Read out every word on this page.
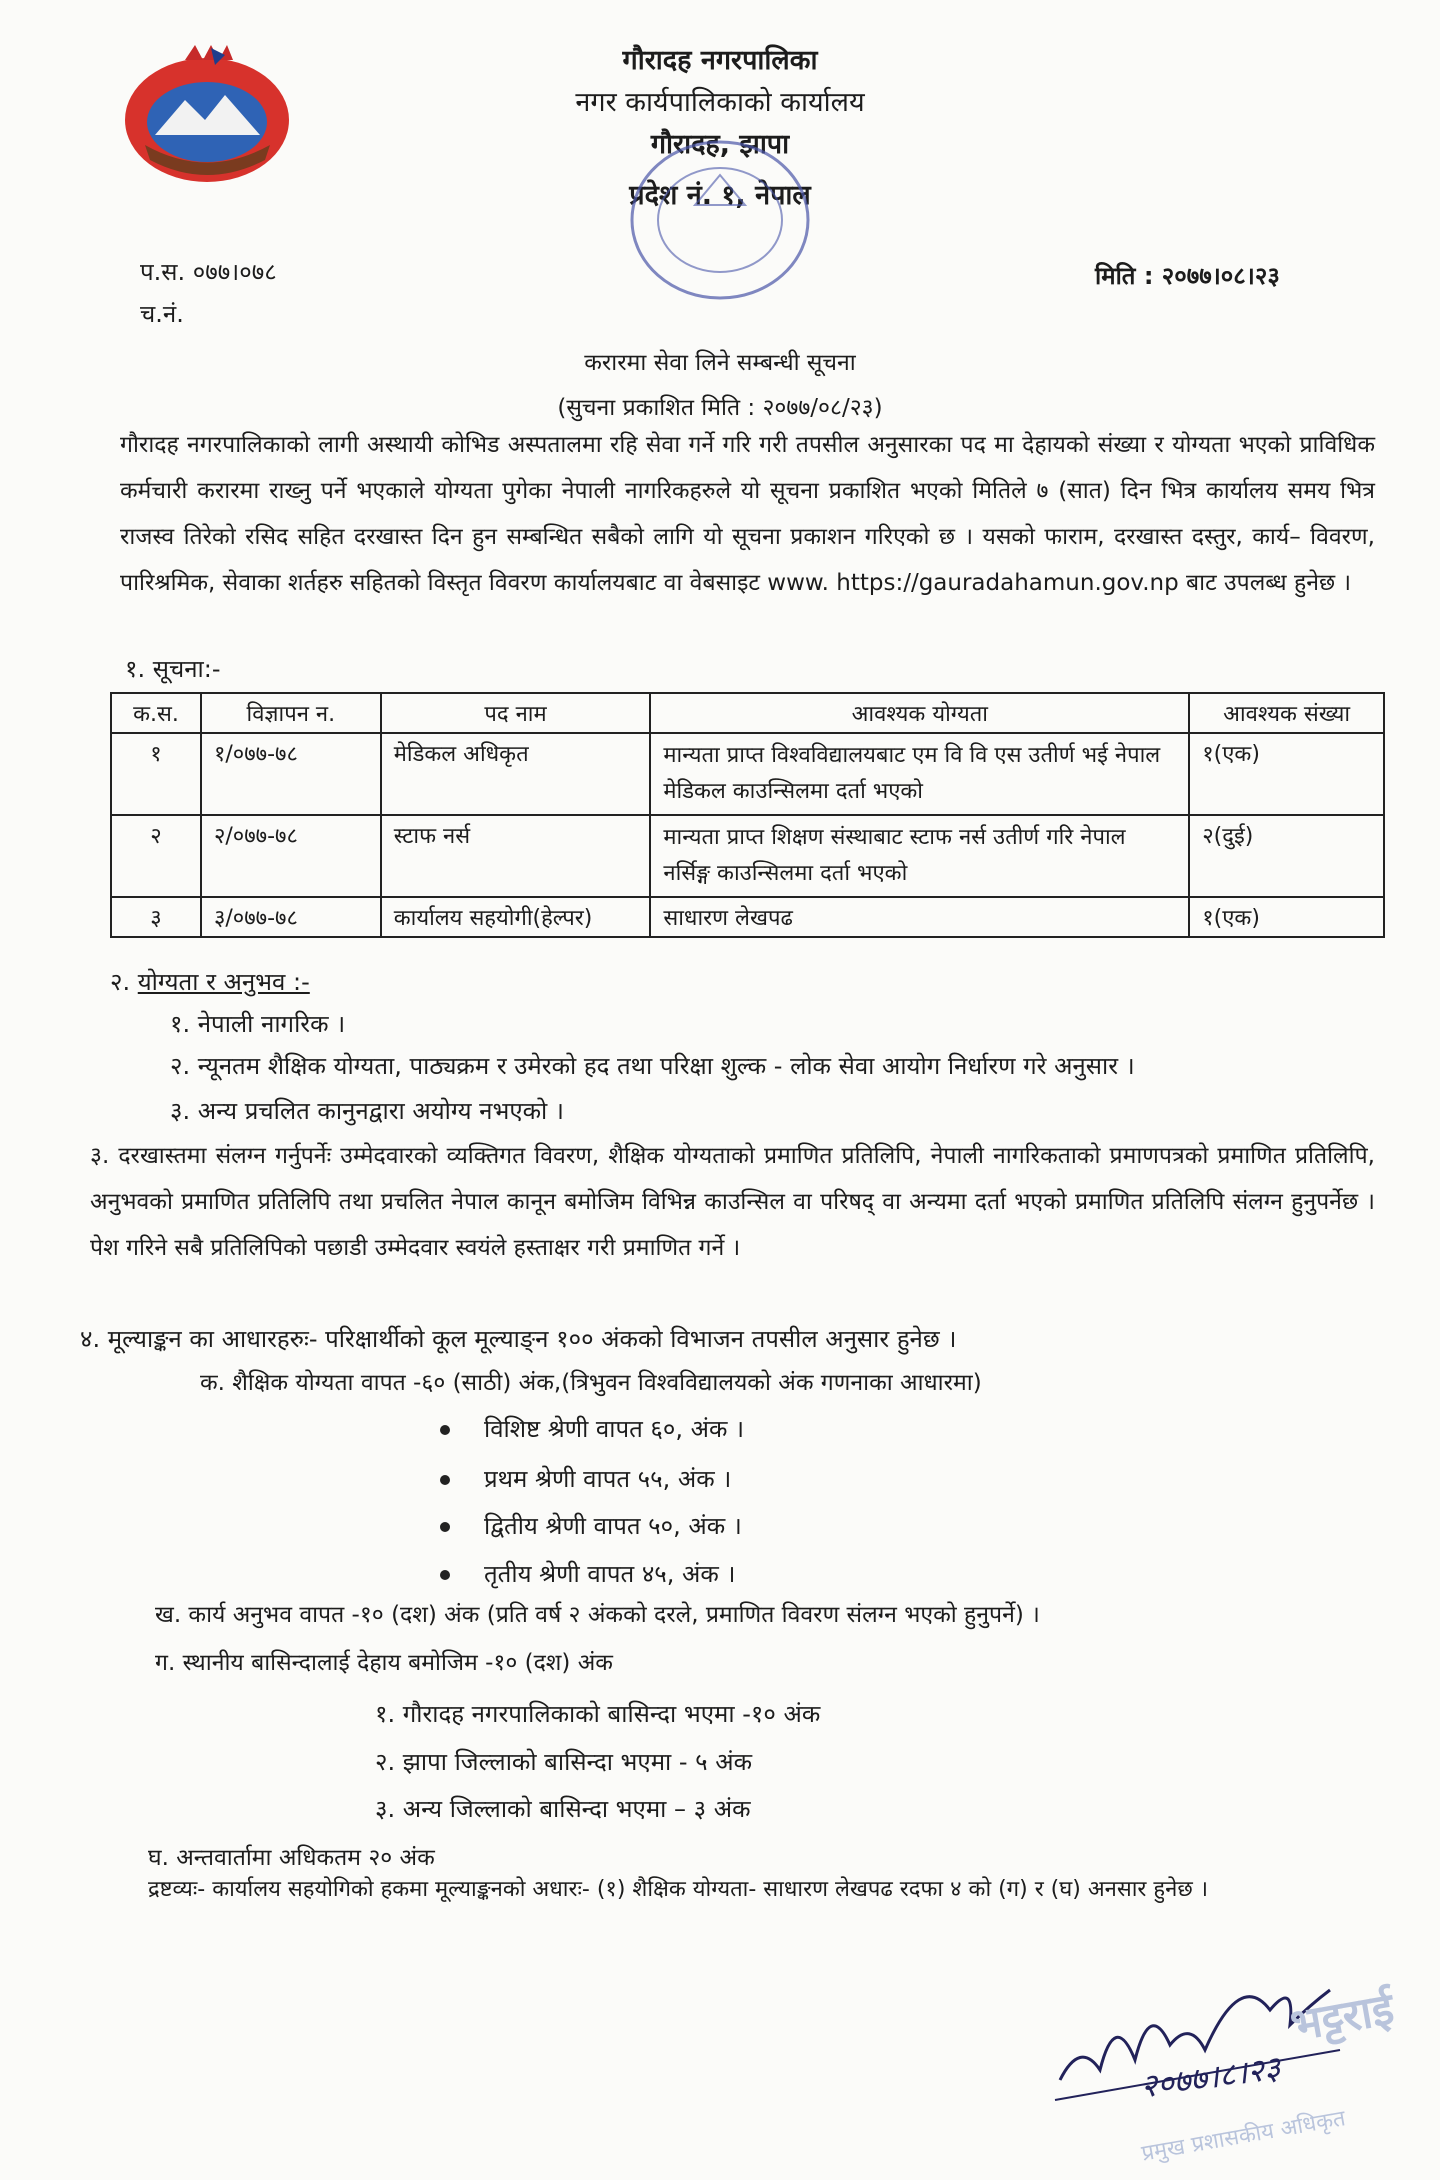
गौरादह नगरपालिका
नगर कार्यपालिकाको कार्यालय
गौरादह, झापा
प्रदेश नं. १, नेपाल
प.स. ०७७।०७८
च.नं.
मिति : २०७७।०८।२३
करारमा सेवा लिने सम्बन्धी सूचना
(सुचना प्रकाशित मिति : २०७७/०८/२३)
गौरादह नगरपालिकाको लागी अस्थायी कोभिड अस्पतालमा रहि सेवा गर्ने गरि गरी तपसील अनुसारका पद मा देहायको संख्या र योग्यता भएको प्राविधिक कर्मचारी करारमा राख्नु पर्ने भएकाले योग्यता पुगेका नेपाली नागरिकहरुले यो सूचना प्रकाशित भएको मितिले ७ (सात) दिन भित्र कार्यालय समय भित्र राजस्व तिरेको रसिद सहित दरखास्त दिन हुन सम्बन्धित सबैको लागि यो सूचना प्रकाशन गरिएको छ । यसको फाराम, दरखास्त दस्तुर, कार्य– विवरण, पारिश्रमिक, सेवाका शर्तहरु सहितको विस्तृत विवरण कार्यालयबाट वा वेबसाइट www. https://gauradahamun.gov.np बाट उपलब्ध हुनेछ ।
१. सूचना:-
क.स.	विज्ञापन न.	पद नाम	आवश्यक योग्यता	आवश्यक संख्या
१	१/०७७-७८	मेडिकल अधिकृत	मान्यता प्राप्त विश्वविद्यालयबाट एम वि वि एस उतीर्ण भई नेपाल मेडिकल काउन्सिलमा दर्ता भएको	१(एक)
२	२/०७७-७८	स्टाफ नर्स	मान्यता प्राप्त शिक्षण संस्थाबाट स्टाफ नर्स उतीर्ण गरि नेपाल नर्सिङ्ग काउन्सिलमा दर्ता भएको	२(दुई)
३	३/०७७-७८	कार्यालय सहयोगी(हेल्पर)	साधारण लेखपढ	१(एक)
२. योग्यता र अनुभव :-
१. नेपाली नागरिक ।
२. न्यूनतम शैक्षिक योग्यता, पाठ्यक्रम र उमेरको हद तथा परिक्षा शुल्क - लोक सेवा आयोग निर्धारण गरे अनुसार ।
३. अन्य प्रचलित कानुनद्वारा अयोग्य नभएको ।
३. दरखास्तमा संलग्न गर्नुपर्नेः उम्मेदवारको व्यक्तिगत विवरण, शैक्षिक योग्यताको प्रमाणित प्रतिलिपि, नेपाली नागरिकताको प्रमाणपत्रको प्रमाणित प्रतिलिपि, अनुभवको प्रमाणित प्रतिलिपि तथा प्रचलित नेपाल कानून बमोजिम विभिन्न काउन्सिल वा परिषद् वा अन्यमा दर्ता भएको प्रमाणित प्रतिलिपि संलग्न हुनुपर्नेछ ।पेश गरिने सबै प्रतिलिपिको पछाडी उम्मेदवार स्वयंले हस्ताक्षर गरी प्रमाणित गर्ने ।
४. मूल्याङ्कन का आधारहरुः- परिक्षार्थीको कूल मूल्याङ्न १०० अंकको विभाजन तपसील अनुसार हुनेछ ।
क. शैक्षिक योग्यता वापत -६० (साठी) अंक,(त्रिभुवन विश्वविद्यालयको अंक गणनाका आधारमा)
विशिष्ट श्रेणी वापत ६०, अंक ।
प्रथम श्रेणी वापत ५५, अंक ।
द्वितीय श्रेणी वापत ५०, अंक ।
तृतीय श्रेणी वापत ४५, अंक ।
ख. कार्य अनुभव वापत -१० (दश) अंक (प्रति वर्ष २ अंकको दरले, प्रमाणित विवरण संलग्न भएको हुनुपर्ने) ।
ग. स्थानीय बासिन्दालाई देहाय बमोजिम -१० (दश) अंक
१. गौरादह नगरपालिकाको बासिन्दा भएमा -१० अंक
२. झापा जिल्लाको बासिन्दा भएमा - ५ अंक
३. अन्य जिल्लाको बासिन्दा भएमा – ३ अंक
घ. अन्तवार्तामा अधिकतम २० अंक
द्रष्टव्यः- कार्यालय सहयोगिको हकमा मूल्याङ्कनको अधारः- (१) शैक्षिक योग्यता- साधारण लेखपढ रदफा ४ को (ग) र (घ) अनसार हुनेछ ।
२०७७।८।२३
भट्टराई
प्रमुख प्रशासकीय अधिकृत
